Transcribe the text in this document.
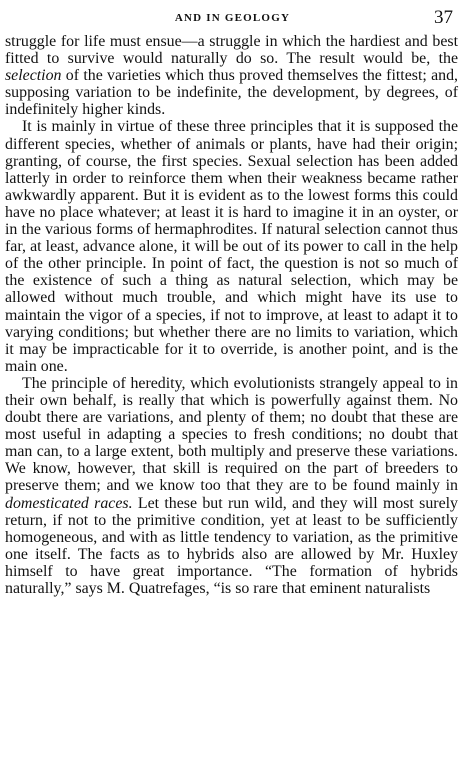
AND IN GEOLOGY	37

struggle for life must ensue—a struggle in which the hardiest and best fitted to survive would naturally do so. The result would be, the selection of the varieties which thus proved themselves the fittest; and, supposing variation to be indefinite, the development, by degrees, of indefinitely higher kinds.

It is mainly in virtue of these three principles that it is supposed the different species, whether of animals or plants, have had their origin; granting, of course, the first species. Sexual selection has been added latterly in order to reinforce them when their weakness became rather awkwardly apparent. But it is evident as to the lowest forms this could have no place whatever; at least it is hard to imagine it in an oyster, or in the various forms of hermaphrodites. If natural selection cannot thus far, at least, advance alone, it will be out of its power to call in the help of the other principle. In point of fact, the question is not so much of the existence of such a thing as natural selection, which may be allowed without much trouble, and which might have its use to maintain the vigor of a species, if not to improve, at least to adapt it to varying conditions; but whether there are no limits to variation, which it may be impracticable for it to override, is another point, and is the main one.

The principle of heredity, which evolutionists strangely appeal to in their own behalf, is really that which is powerfully against them. No doubt there are variations, and plenty of them; no doubt that these are most useful in adapting a species to fresh conditions; no doubt that man can, to a large extent, both multiply and preserve these variations. We know, however, that skill is required on the part of breeders to preserve them; and we know too that they are to be found mainly in domesticated races. Let these but run wild, and they will most surely return, if not to the primitive condition, yet at least to be sufficiently homogeneous, and with as little tendency to variation, as the primitive one itself. The facts as to hybrids also are allowed by Mr. Huxley himself to have great importance. “The formation of hybrids naturally,” says M. Quatrefages, “is so rare that eminent naturalists
